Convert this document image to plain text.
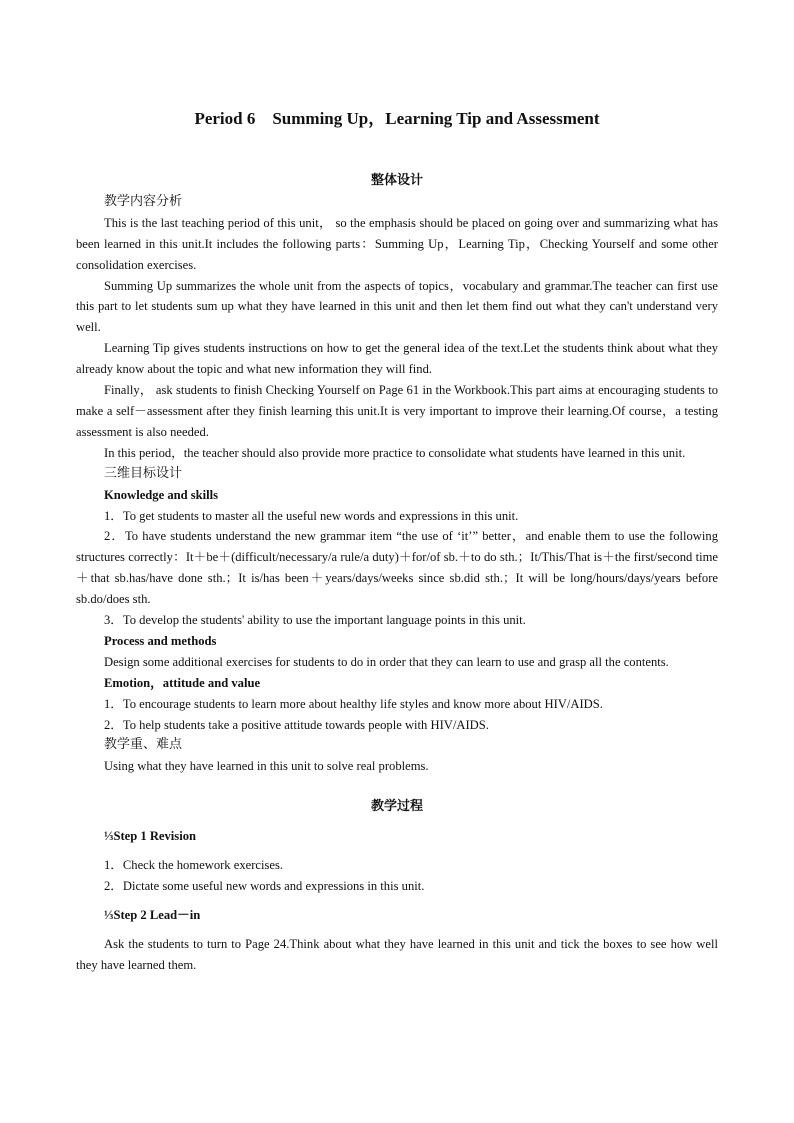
Period 6    Summing Up，Learning Tip and Assessment

整体设计

教学内容分析

This is the last teaching period of this unit， so the emphasis should be placed on going over and summarizing what has been learned in this unit.It includes the following parts：Summing Up，Learning Tip，Checking Yourself and some other consolidation exercises.

Summing Up summarizes the whole unit from the aspects of topics，vocabulary and grammar.The teacher can first use this part to let students sum up what they have learned in this unit and then let them find out what they can't understand very well.

Learning Tip gives students instructions on how to get the general idea of the text.Let the students think about what they already know about the topic and what new information they will find.

Finally， ask students to finish Checking Yourself on Page 61 in the Workbook.This part aims at encouraging students to make a self－assessment after they finish learning this unit.It is very important to improve their learning.Of course，a testing assessment is also needed.

In this period，the teacher should also provide more practice to consolidate what students have learned in this unit.

三维目标设计

Knowledge and skills

1．To get students to master all the useful new words and expressions in this unit.

2．To have students understand the new grammar item “the use of ‘it’” better，and enable them to use the following structures correctly：It＋be＋(difficult/necessary/a rule/a duty)＋for/of sb.＋to do sth.；It/This/That is＋the first/second time＋that sb.has/have done sth.；It is/has been＋years/days/weeks since sb.did sth.；It will be long/hours/days/years before sb.do/does sth.

3．To develop the students' ability to use the important language points in this unit.

Process and methods

Design some additional exercises for students to do in order that they can learn to use and grasp all the contents.

Emotion，attitude and value

1．To encourage students to learn more about healthy life styles and know more about HIV/AIDS.

2．To help students take a positive attitude towards people with HIV/AIDS.

教学重、难点

Using what they have learned in this unit to solve real problems.

教学过程

⅓Step 1 Revision

1．Check the homework exercises.

2．Dictate some useful new words and expressions in this unit.

⅓Step 2 Lead－in

Ask the students to turn to Page 24.Think about what they have learned in this unit and tick the boxes to see how well they have learned them.
